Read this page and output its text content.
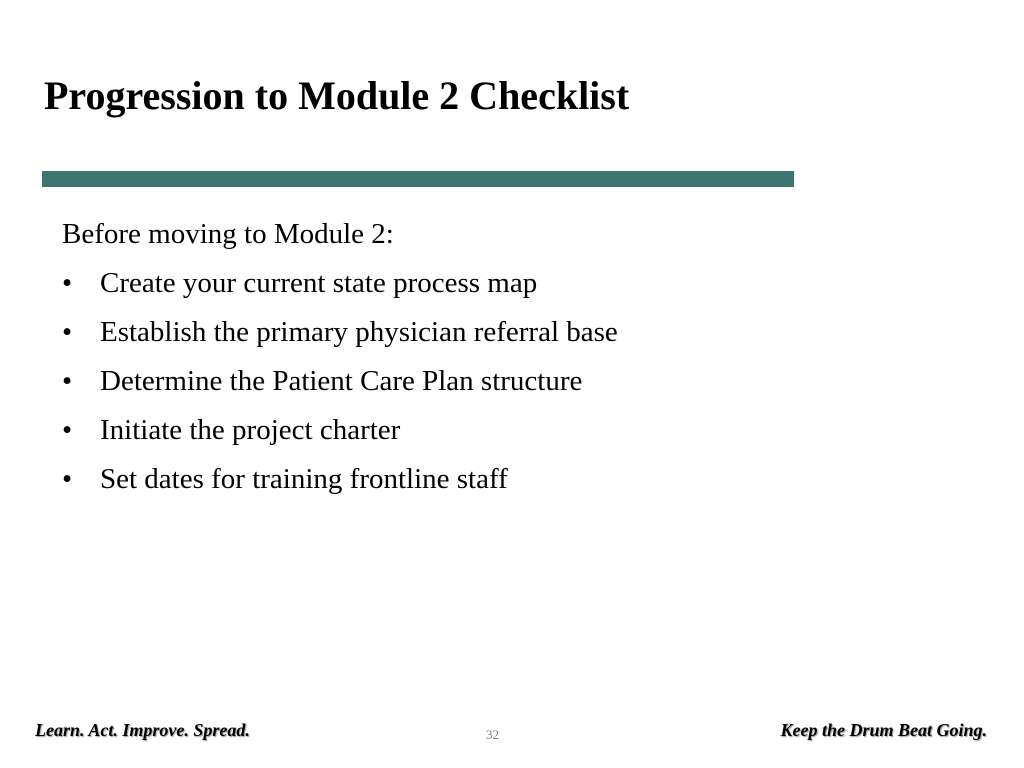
Progression to Module 2 Checklist
Before moving to Module 2:
• Create your current state process map
• Establish the primary physician referral base
• Determine the Patient Care Plan structure
• Initiate the project charter
• Set dates for training frontline staff
Learn. Act. Improve. Spread.	32	Keep the Drum Beat Going.
